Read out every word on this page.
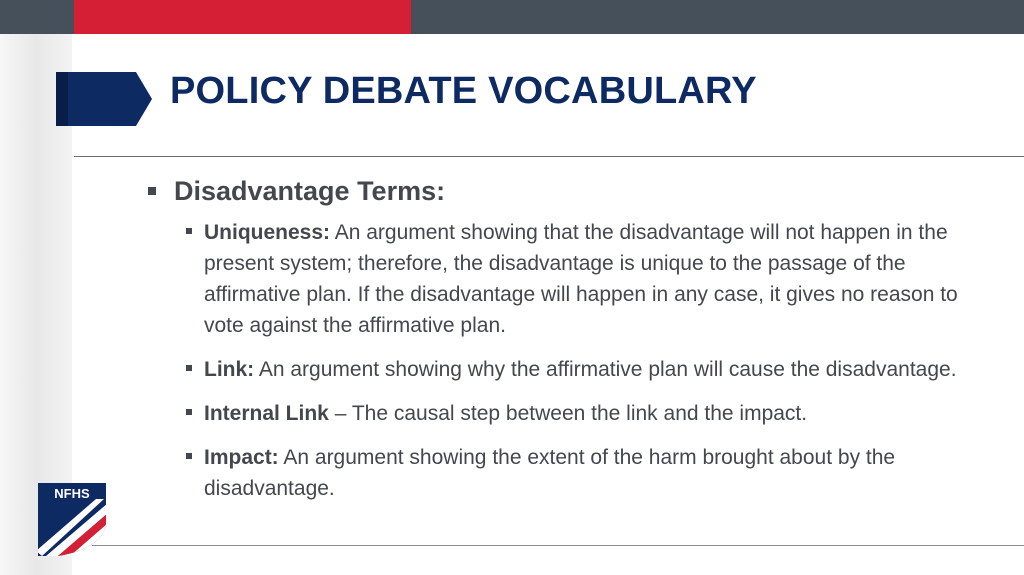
POLICY DEBATE VOCABULARY
Disadvantage Terms:
Uniqueness: An argument showing that the disadvantage will not happen in the present system; therefore, the disadvantage is unique to the passage of the affirmative plan. If the disadvantage will happen in any case, it gives no reason to vote against the affirmative plan.
Link: An argument showing why the affirmative plan will cause the disadvantage.
Internal Link – The causal step between the link and the impact.
Impact: An argument showing the extent of the harm brought about by the disadvantage.
NFHS
